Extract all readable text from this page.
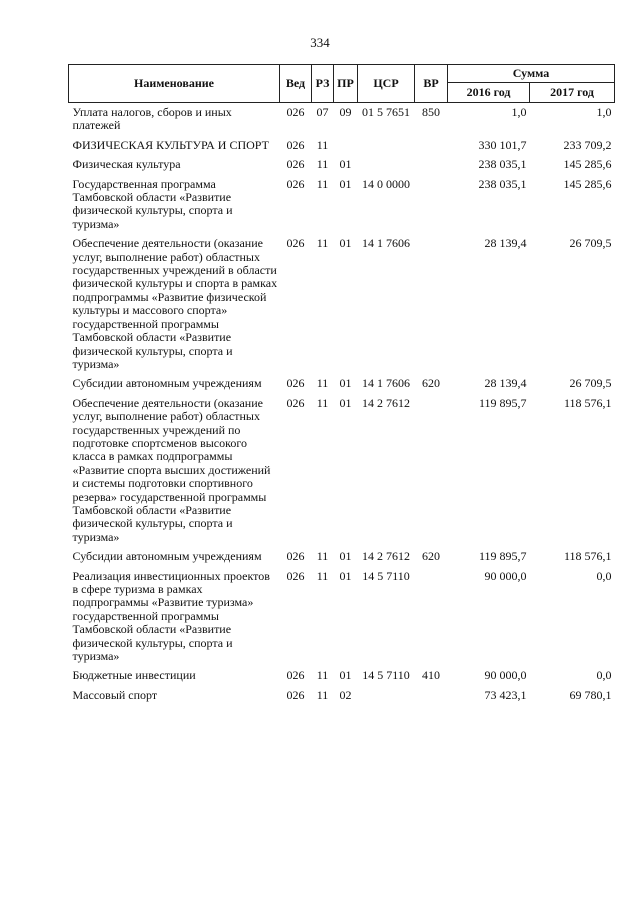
334
Наименование	Вед	РЗ	ПР	ЦСР	ВР	Сумма	
						2016 год	2017 год
Уплата налогов, сборов и иных платежей	026	07	09	01 5 7651	850	1,0	1,0
ФИЗИЧЕСКАЯ КУЛЬТУРА И СПОРТ	026	11				330 101,7	233 709,2
Физическая культура	026	11	01			238 035,1	145 285,6
Государственная программа Тамбовской области «Развитие физической культуры, спорта и туризма»	026	11	01	14 0 0000		238 035,1	145 285,6
Обеспечение деятельности (оказание услуг, выполнение работ) областных государственных учреждений в области физической культуры и спорта в рамках подпрограммы «Развитие физической культуры и массового спорта» государственной программы Тамбовской области «Развитие физической культуры, спорта и туризма»	026	11	01	14 1 7606		28 139,4	26 709,5
Субсидии автономным учреждениям	026	11	01	14 1 7606	620	28 139,4	26 709,5
Обеспечение деятельности (оказание услуг, выполнение работ) областных государственных учреждений по подготовке спортсменов высокого класса в рамках подпрограммы «Развитие спорта высших достижений и системы подготовки спортивного резерва» государственной программы Тамбовской области «Развитие физической культуры, спорта и туризма»	026	11	01	14 2 7612		119 895,7	118 576,1
Субсидии автономным учреждениям	026	11	01	14 2 7612	620	119 895,7	118 576,1
Реализация инвестиционных проектов в сфере туризма в рамках подпрограммы «Развитие туризма» государственной программы Тамбовской области «Развитие физической культуры, спорта и туризма»	026	11	01	14 5 7110		90 000,0	0,0
Бюджетные инвестиции	026	11	01	14 5 7110	410	90 000,0	0,0
Массовый спорт	026	11	02			73 423,1	69 780,1
